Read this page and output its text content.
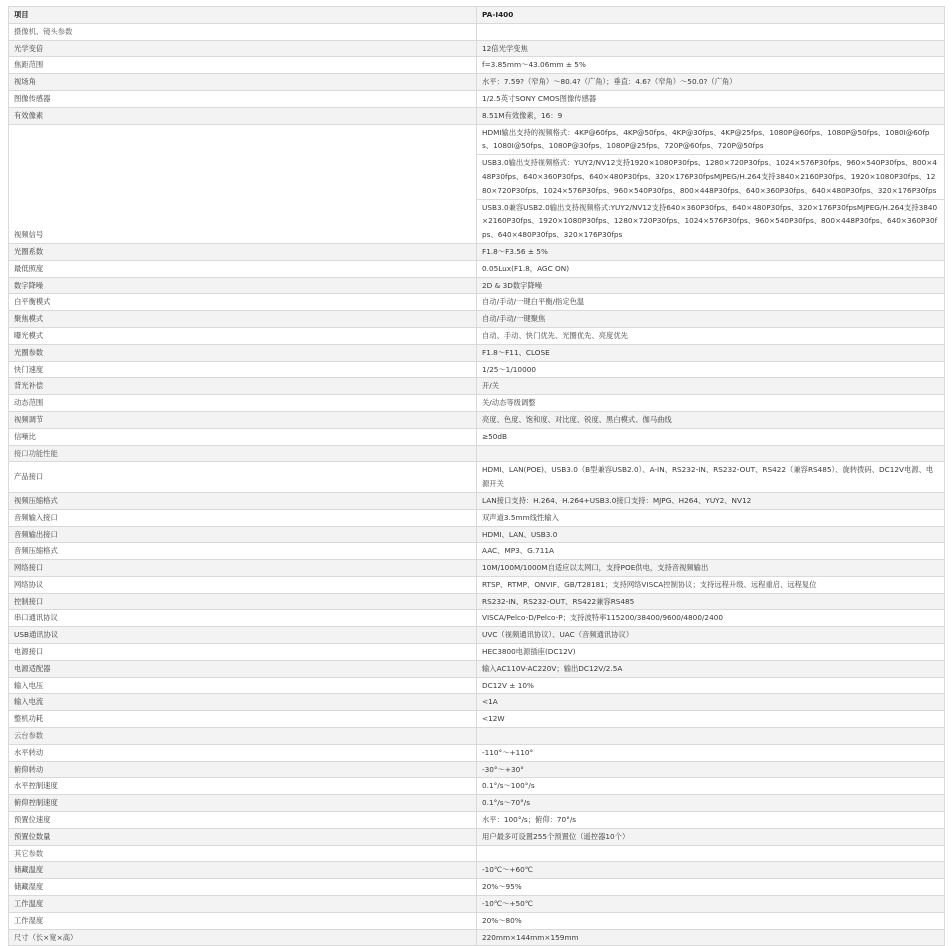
项目	PA-I400
摄像机、镜头参数	
光学变倍	12倍光学变焦
焦距范围	f=3.85mm～43.06mm ± 5%
视场角	水平：7.59?（窄角）～80.4?（广角）；垂直：4.6?（窄角）～50.0?（广角）
图像传感器	1/2.5英寸SONY CMOS图像传感器
有效像素	8.51M有效像素，16：9
视频信号	HDMI输出支持的视频格式：4KP@60fps、4KP@50fps、4KP@30fps、4KP@25fps、1080P@60fps、1080P@50fps、1080I@60fps、1080I@50fps、1080P@30fps、1080P@25fps、720P@60fps、720P@50fps
USB3.0输出支持视频格式：YUY2/NV12支持1920×1080P30fps、1280×720P30fps、1024×576P30fps、960×540P30fps、800×448P30fps、640×360P30fps、640×480P30fps、320×176P30fpsMJPEG/H.264支持3840×2160P30fps、1920×1080P30fps、1280×720P30fps、1024×576P30fps、960×540P30fps、800×448P30fps、640×360P30fps、640×480P30fps、320×176P30fps
USB3.0兼容USB2.0输出支持视频格式:YUY2/NV12支持640×360P30fps、640×480P30fps、320×176P30fpsMJPEG/H.264支持3840×2160P30fps、1920×1080P30fps、1280×720P30fps、1024×576P30fps、960×540P30fps、800×448P30fps、640×360P30fps、640×480P30fps、320×176P30fps

光圈系数	F1.8～F3.56 ± 5%
最低照度	0.05Lux(F1.8，AGC ON)
数字降噪	2D & 3D数字降噪
白平衡模式	自动/手动/一键白平衡/指定色温
聚焦模式	自动/手动/一键聚焦
曝光模式	自动、手动、快门优先、光圈优先、亮度优先
光圈参数	F1.8～F11、CLOSE
快门速度	1/25～1/10000
背光补偿	开/关
动态范围	关/动态等级调整
视频调节	亮度、色度、饱和度、对比度、锐度、黑白模式、伽马曲线
信噪比	≥50dB
接口功能性能	
产品接口	HDMI、LAN(POE)、USB3.0（B型兼容USB2.0）、A-IN、RS232-IN、RS232-OUT、RS422（兼容RS485）、旋转拨码、DC12V电源、电源开关
视频压缩格式	LAN接口支持：H.264、H.264+USB3.0接口支持：MJPG、H264、YUY2、NV12
音频输入接口	双声道3.5mm线性输入
音频输出接口	HDMI、LAN、USB3.0
音频压缩格式	AAC、MP3、G.711A
网络接口	10M/100M/1000M自适应以太网口，支持POE供电，支持音视频输出
网络协议	RTSP、RTMP、ONVIF、GB/T28181；支持网络VISCA控制协议；支持远程升级、远程重启、远程复位
控制接口	RS232-IN、RS232-OUT、RS422兼容RS485
串口通讯协议	VISCA/Pelco-D/Pelco-P；支持波特率115200/38400/9600/4800/2400
USB通讯协议	UVC（视频通讯协议）、UAC（音频通讯协议）
电源接口	HEC3800电源插座(DC12V)
电源适配器	输入AC110V-AC220V；输出DC12V/2.5A
输入电压	DC12V ± 10%
输入电流	<1A
整机功耗	<12W
云台参数	
水平转动	-110°～+110°
俯仰转动	-30°～+30°
水平控制速度	0.1°/s～100°/s
俯仰控制速度	0.1°/s～70°/s
预置位速度	水平：100°/s；俯仰：70°/s
预置位数量	用户最多可设置255个预置位（遥控器10个）
其它参数	
储藏温度	-10℃～+60℃
储藏湿度	20%～95%
工作温度	-10℃～+50℃
工作湿度	20%～80%
尺寸（长×宽×高）	220mm×144mm×159mm
